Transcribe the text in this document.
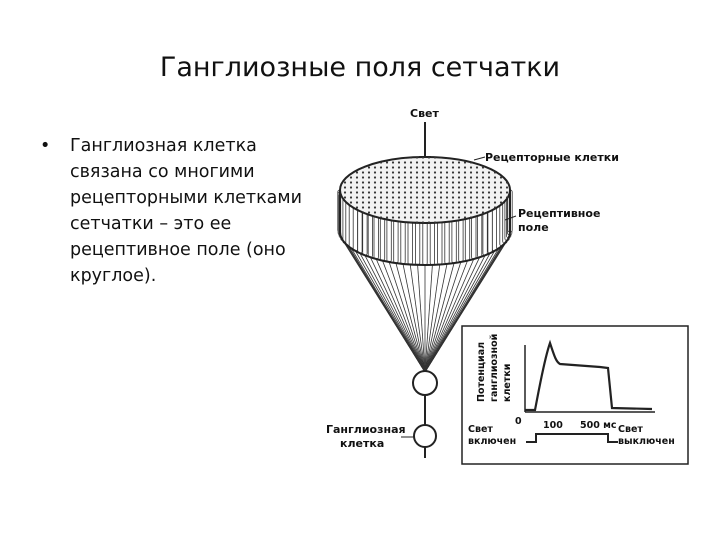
Ганглиозные поля сетчатки
• Ганглиозная клетка связана со многими рецепторными клетками сетчатки – это ее рецептивное поле (оно круглое).
Свет
Рецепторные клетки
Рецептивное
поле
Ганглиозная
клетка
Потенциал ганглиозной клетки
0 100 500 мс
Свет
включен
Свет
выключен
